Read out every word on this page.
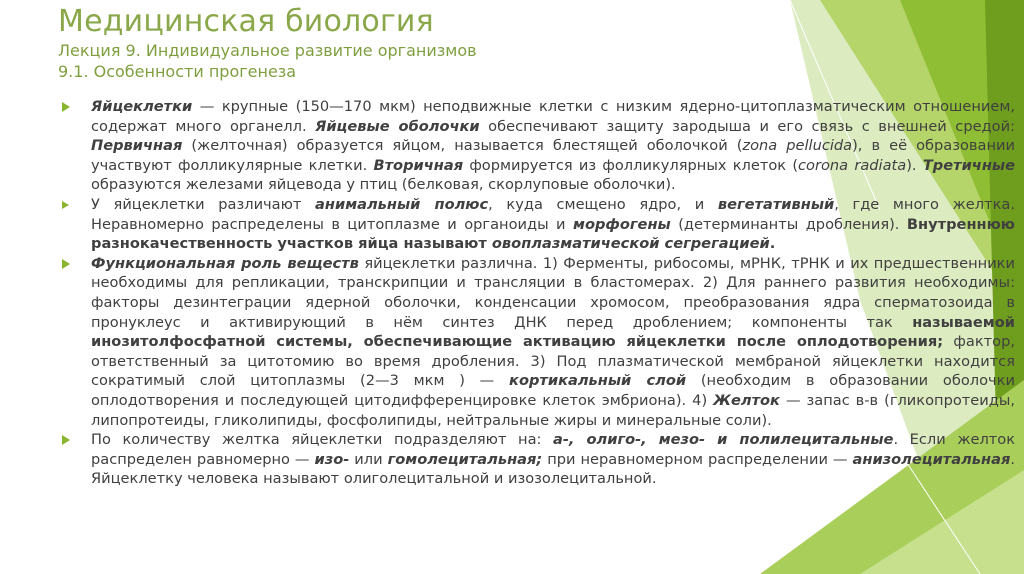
Медицинская биология
Лекция 9. Индивидуальное развитие организмов
9.1. Особенности прогенеза
Яйцеклетки — крупные (150—170 мкм) неподвижные клетки с низким ядерно-цитоплазматическим отношением, содержат много органелл. Яйцевые оболочки обеспечивают защиту зародыша и его связь с внешней средой: Первичная (желточная) образуется яйцом, называется блестящей оболочкой (zona pellucida), в её образовании участвуют фолликулярные клетки. Вторичная формируется из фолликулярных клеток (corona radiata). Третичные образуются железами яйцевода у птиц (белковая, скорлуповые оболочки).
У яйцеклетки различают анимальный полюс, куда смещено ядро, и вегетативный, где много желтка. Неравномерно распределены в цитоплазме и органоиды и морфогены (детерминанты дробления). Внутреннюю разнокачественность участков яйца называют овоплазматической сегрегацией.
Функциональная роль веществ яйцеклетки различна. 1) Ферменты, рибосомы, мРНК, тРНК и их предшественники необходимы для репликации, транскрипции и трансляции в бластомерах. 2) Для раннего развития необходимы: факторы дезинтеграции ядерной оболочки, конденсации хромосом, преобразования ядра сперматозоида в пронуклеус и активирующий в нём синтез ДНК перед дроблением; компоненты так называемой инозитолфосфатной системы, обеспечивающие активацию яйцеклетки после оплодотворения; фактор, ответственный за цитотомию во время дробления. 3) Под плазматической мембраной яйцеклетки находится сократимый слой цитоплазмы (2—3 мкм ) — кортикальный слой (необходим в образовании оболочки оплодотворения и последующей цитодифференцировке клеток эмбриона). 4) Желток — запас в-в (гликопротеиды, липопротеиды, гликолипиды, фосфолипиды, нейтральные жиры и минеральные соли).
По количеству желтка яйцеклетки подразделяют на: а-, олиго-, мезо- и полилецитальные. Если желток распределен равномерно — изо- или гомолецитальная; при неравномерном распределении — анизолецитальная. Яйцеклетку человека называют олиголецитальной и изозолецитальной.
